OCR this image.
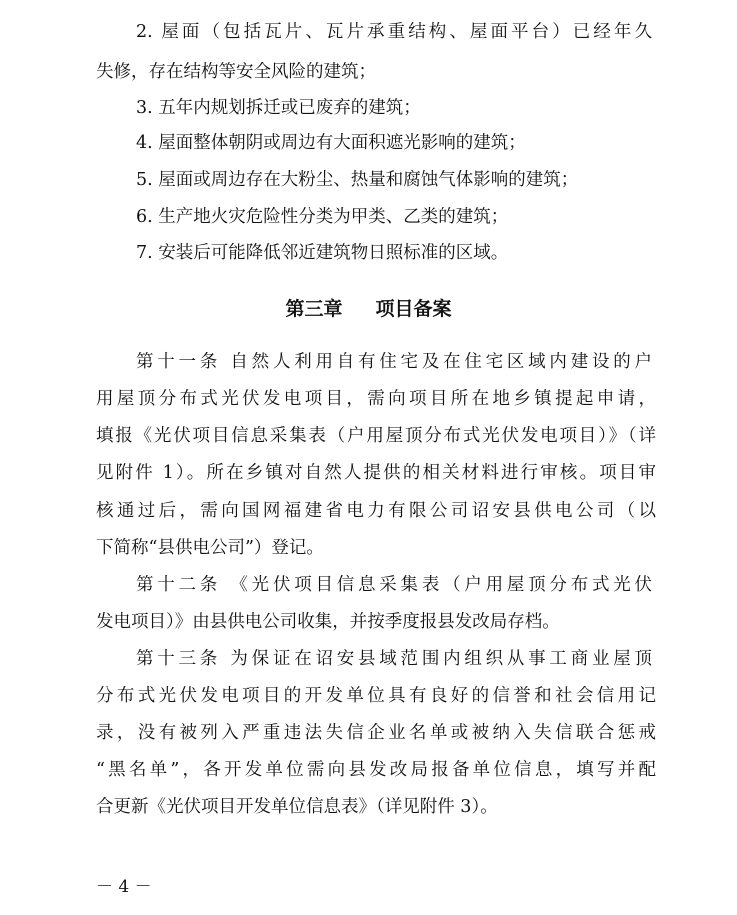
2. 屋面（包括瓦片、瓦片承重结构、屋面平台）已经年久
失修，存在结构等安全风险的建筑；
3. 五年内规划拆迁或已废弃的建筑；
4. 屋面整体朝阴或周边有大面积遮光影响的建筑；
5. 屋面或周边存在大粉尘、热量和腐蚀气体影响的建筑；
6. 生产地火灾危险性分类为甲类、乙类的建筑；
7. 安装后可能降低邻近建筑物日照标准的区域。
第三章     项目备案
第十一条 自然人利用自有住宅及在住宅区域内建设的户
用屋顶分布式光伏发电项目，需向项目所在地乡镇提起申请，
填报《光伏项目信息采集表（户用屋顶分布式光伏发电项目）》（详
见附件 1）。所在乡镇对自然人提供的相关材料进行审核。项目审
核通过后，需向国网福建省电力有限公司诏安县供电公司（以
下简称“县供电公司”）登记。
第十二条 《光伏项目信息采集表（户用屋顶分布式光伏
发电项目）》由县供电公司收集，并按季度报县发改局存档。
第十三条 为保证在诏安县域范围内组织从事工商业屋顶
分布式光伏发电项目的开发单位具有良好的信誉和社会信用记
录，没有被列入严重违法失信企业名单或被纳入失信联合惩戒
“黑名单”，各开发单位需向县发改局报备单位信息，填写并配
合更新《光伏项目开发单位信息表》（详见附件 3）。
－ 4 －
